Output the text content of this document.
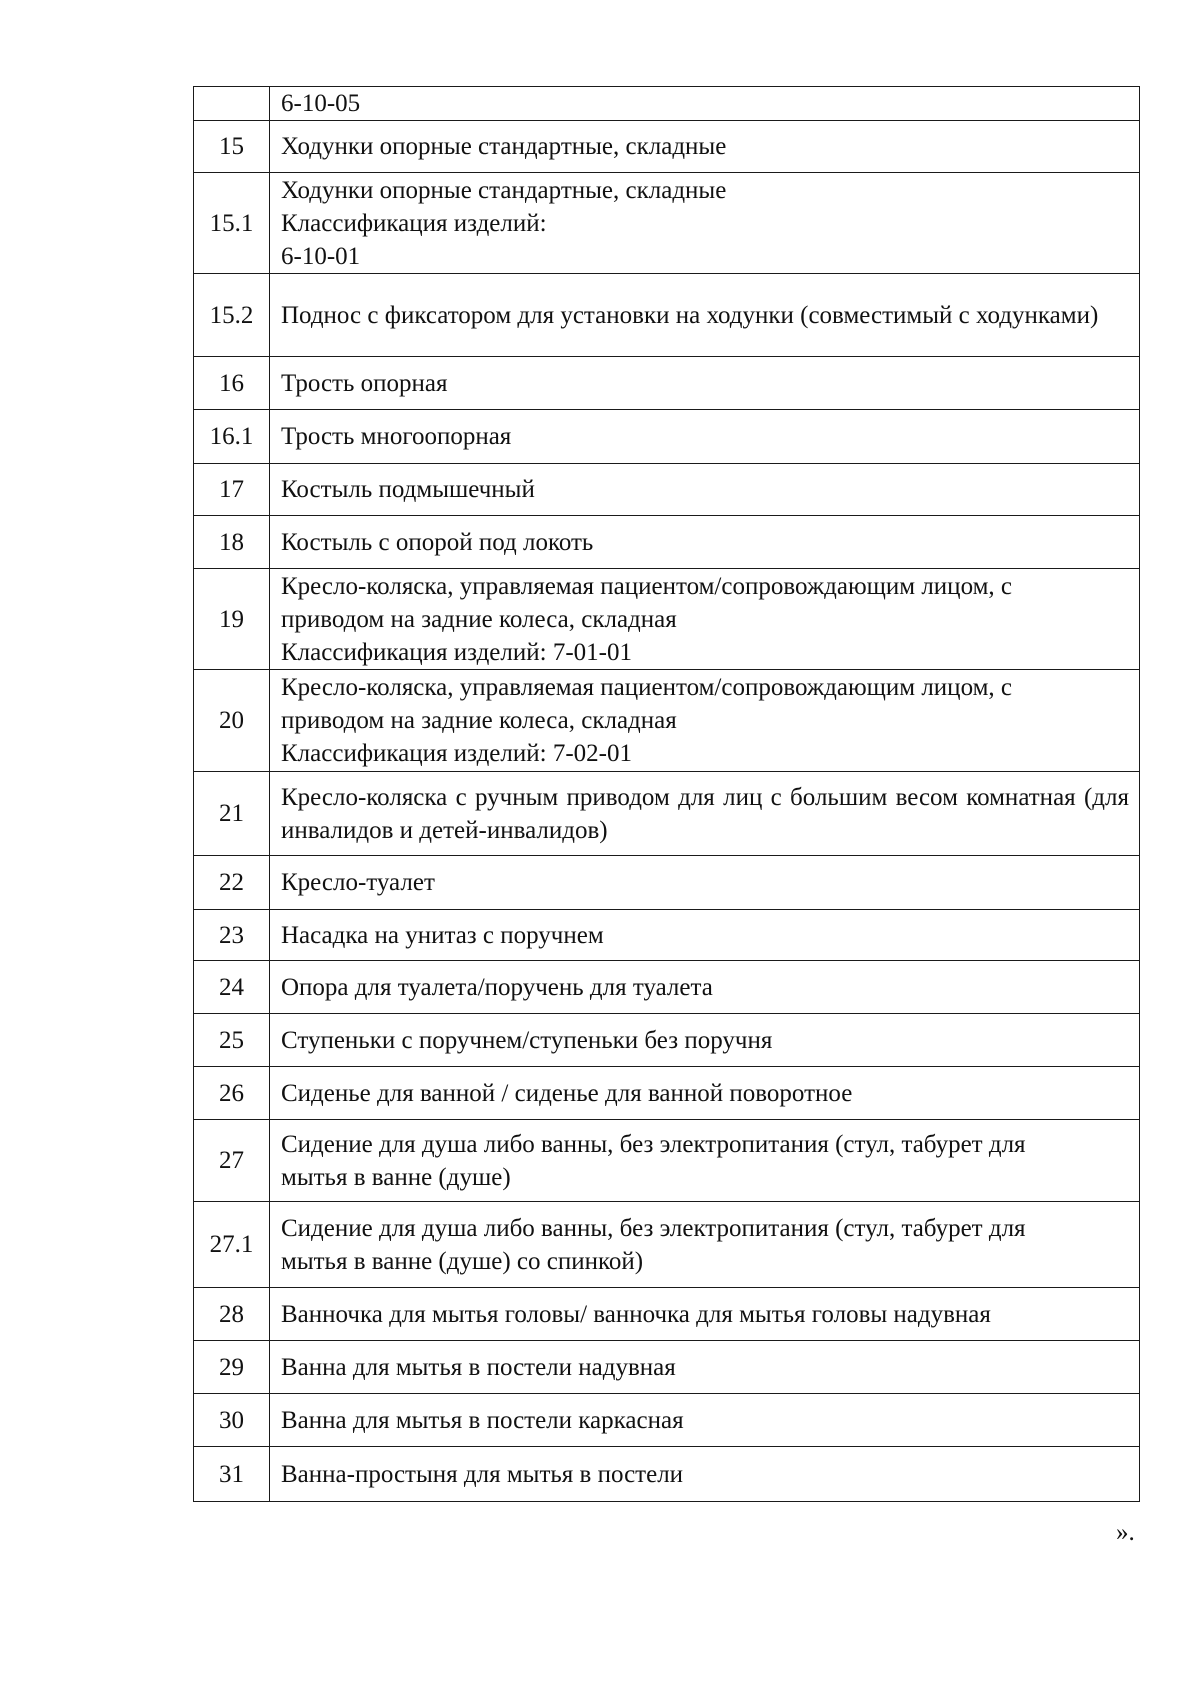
	6-10-05

15	Ходунки опорные стандартные, складные

15.1	Ходунки опорные стандартные, складные
Классификация изделий:
6-10-01

15.2	Поднос с фиксатором для установки на ходунки (совместимый с ходунками)

16	Трость опорная

16.1	Трость многоопорная

17	Костыль подмышечный

18	Костыль с опорой под локоть

19	Кресло-коляска, управляемая пациентом/сопровождающим лицом, с
приводом на задние колеса, складная
Классификация изделий: 7-01-01

20	Кресло-коляска, управляемая пациентом/сопровождающим лицом, с
приводом на задние колеса, складная
Классификация изделий: 7-02-01

21	Кресло-коляска с ручным приводом для лиц с большим весом комнатная (для инвалидов и детей-инвалидов)

22	Кресло-туалет

23	Насадка на унитаз с поручнем

24	Опора для туалета/поручень для туалета

25	Ступеньки с поручнем/ступеньки без поручня

26	Сиденье для ванной / сиденье для ванной поворотное

27	Сидение для душа либо ванны, без электропитания (стул, табурет для
мытья в ванне (душе)

27.1	Сидение для душа либо ванны, без электропитания (стул, табурет для
мытья в ванне (душе) со спинкой)

28	Ванночка для мытья головы/ ванночка для мытья головы надувная

29	Ванна для мытья в постели надувная

30	Ванна для мытья в постели каркасная

31	Ванна-простыня для мытья в постели
».
